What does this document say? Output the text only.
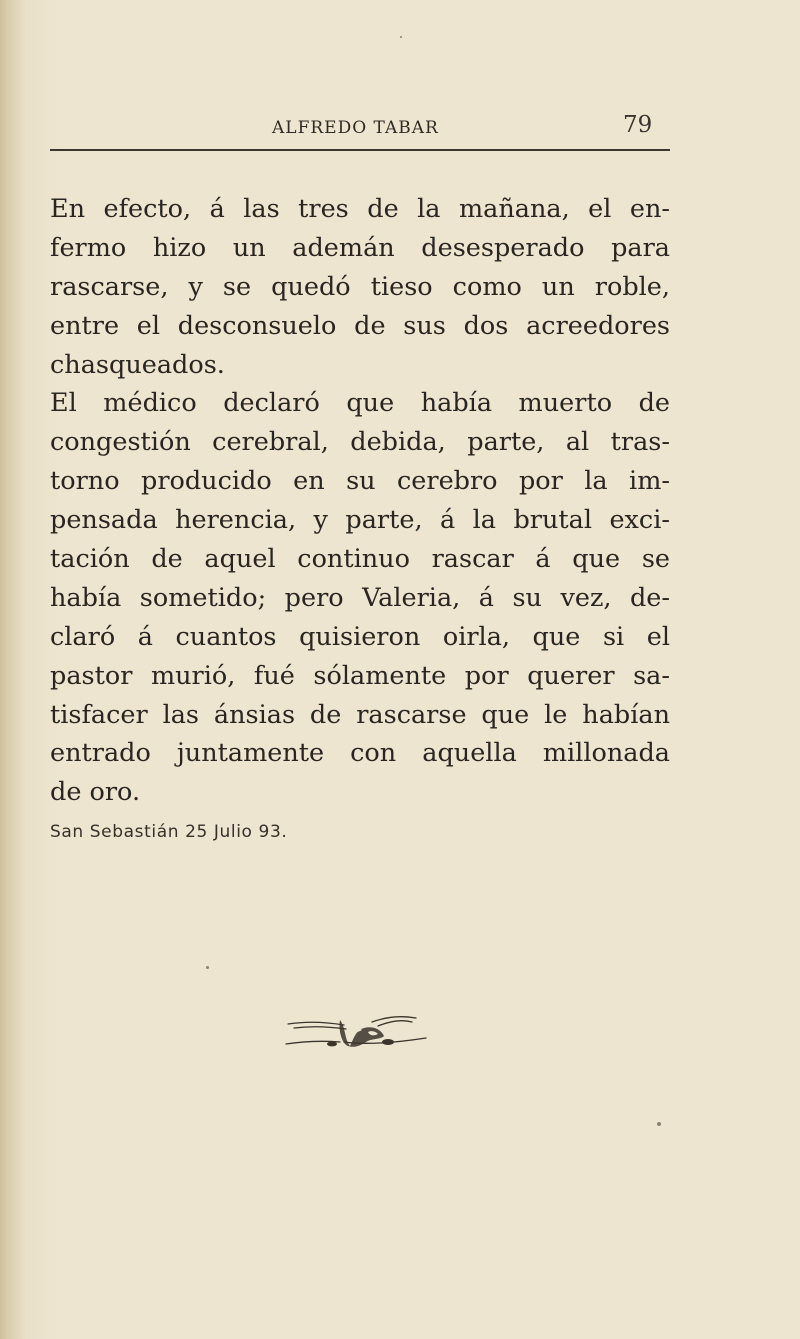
ALFREDO TABAR	79
En efecto, á las tres de la mañana, el en-
fermo hizo un ademán desesperado para
rascarse, y se quedó tieso como un roble,
entre el desconsuelo de sus dos acreedores
chasqueados.
El médico declaró que había muerto de
congestión cerebral, debida, parte, al tras-
torno producido en su cerebro por la im-
pensada herencia, y parte, á la brutal exci-
tación de aquel continuo rascar á que se
había sometido; pero Valeria, á su vez, de-
claró á cuantos quisieron oirla, que si el
pastor murió, fué sólamente por querer sa-
tisfacer las ánsias de rascarse que le habían
entrado juntamente con aquella millonada
de oro.
San Sebastián 25 Julio 93.
